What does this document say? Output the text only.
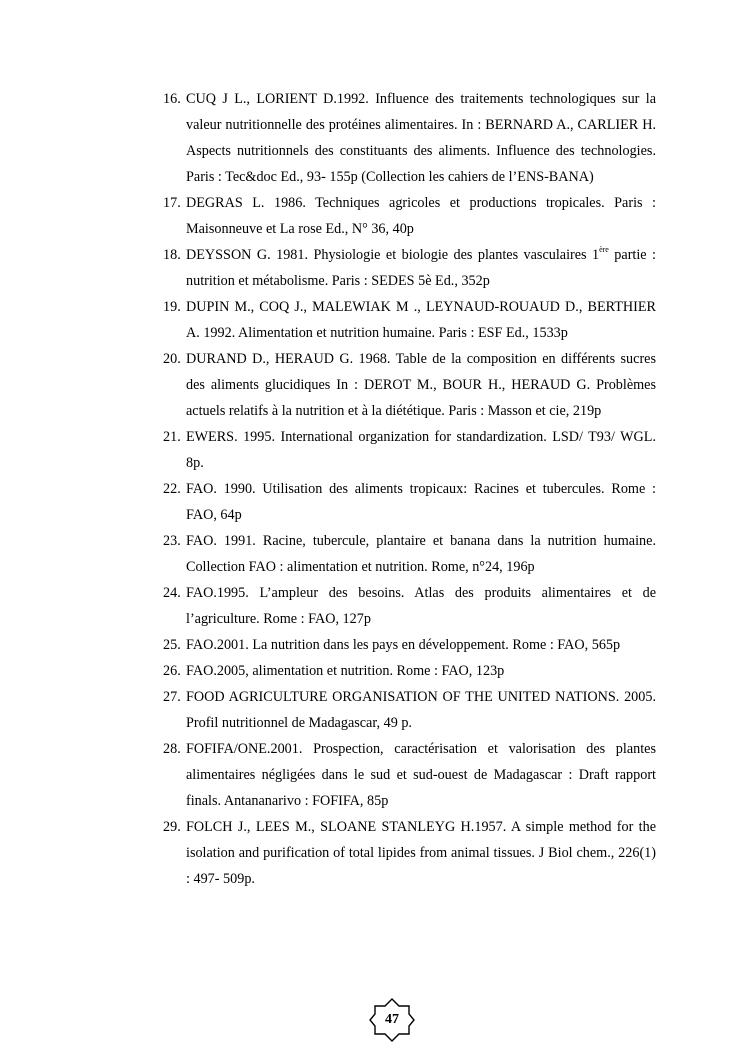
16. CUQ J L., LORIENT D.1992. Influence des traitements technologiques sur la valeur nutritionnelle des protéines alimentaires. In : BERNARD A., CARLIER H. Aspects nutritionnels des constituants des aliments. Influence des technologies. Paris : Tec&doc Ed., 93- 155p (Collection les cahiers de l’ENS-BANA)
17. DEGRAS L. 1986. Techniques agricoles et productions tropicales. Paris : Maisonneuve et La rose Ed., N° 36, 40p
18. DEYSSON G. 1981. Physiologie et biologie des plantes vasculaires 1ère partie : nutrition et métabolisme. Paris : SEDES 5è Ed., 352p
19. DUPIN M., COQ J., MALEWIAK M ., LEYNAUD-ROUAUD D., BERTHIER A. 1992. Alimentation et nutrition humaine. Paris : ESF Ed., 1533p
20. DURAND D., HERAUD G. 1968. Table de la composition en différents sucres des aliments glucidiques In : DEROT M., BOUR H., HERAUD G. Problèmes actuels relatifs à la nutrition et à la diététique. Paris : Masson et cie, 219p
21. EWERS. 1995. International organization for standardization. LSD/ T93/ WGL. 8p.
22. FAO. 1990. Utilisation des aliments tropicaux: Racines et tubercules. Rome : FAO, 64p
23. FAO. 1991. Racine, tubercule, plantaire et banana dans la nutrition humaine. Collection FAO : alimentation et nutrition. Rome, n°24, 196p
24. FAO.1995. L’ampleur des besoins. Atlas des produits alimentaires et de l’agriculture. Rome : FAO, 127p
25. FAO.2001. La nutrition dans les pays en développement. Rome : FAO, 565p
26. FAO.2005, alimentation et nutrition. Rome : FAO, 123p
27. FOOD AGRICULTURE ORGANISATION OF THE UNITED NATIONS. 2005. Profil nutritionnel de Madagascar, 49 p.
28. FOFIFA/ONE.2001. Prospection, caractérisation et valorisation des plantes alimentaires négligées dans le sud et sud-ouest de Madagascar : Draft rapport finals. Antananarivo : FOFIFA, 85p
29. FOLCH J., LEES M., SLOANE STANLEYG H.1957. A simple method for the isolation and purification of total lipides from animal tissues. J Biol chem., 226(1) : 497- 509p.
47
